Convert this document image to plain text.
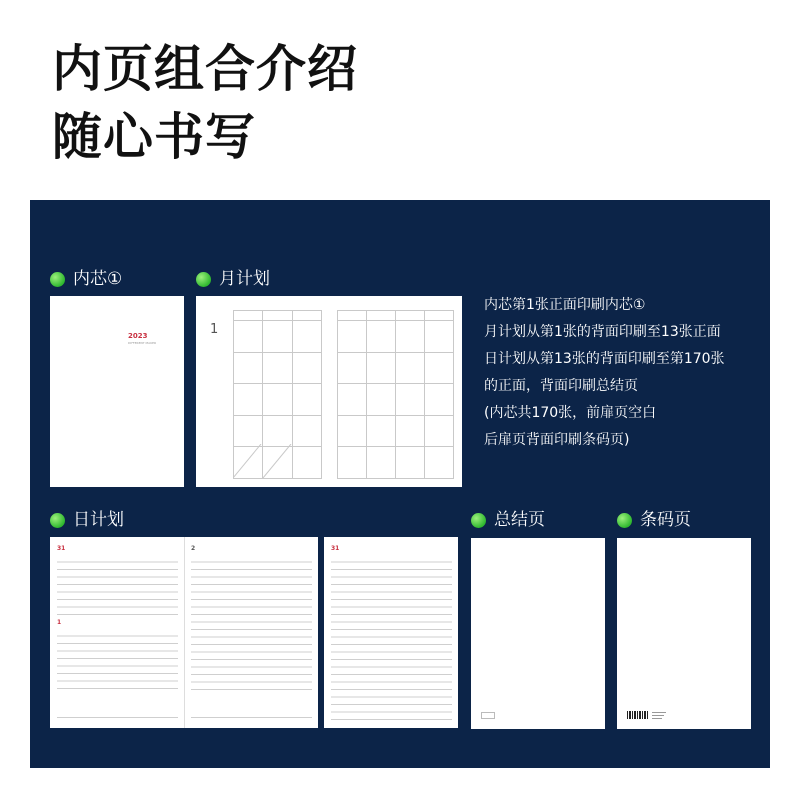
内页组合介绍
随心书写
内芯①	月计划
日计划	总结页	条码页
2023
DIFFERENT MAKER
1
内芯第1张正面印刷内芯①
月计划从第1张的背面印刷至13张正面
日计划从第13张的背面印刷至第170张
的正面，背面印刷总结页
(内芯共170张，前扉页空白
后扉页背面印刷条码页)
31
1
2	31
